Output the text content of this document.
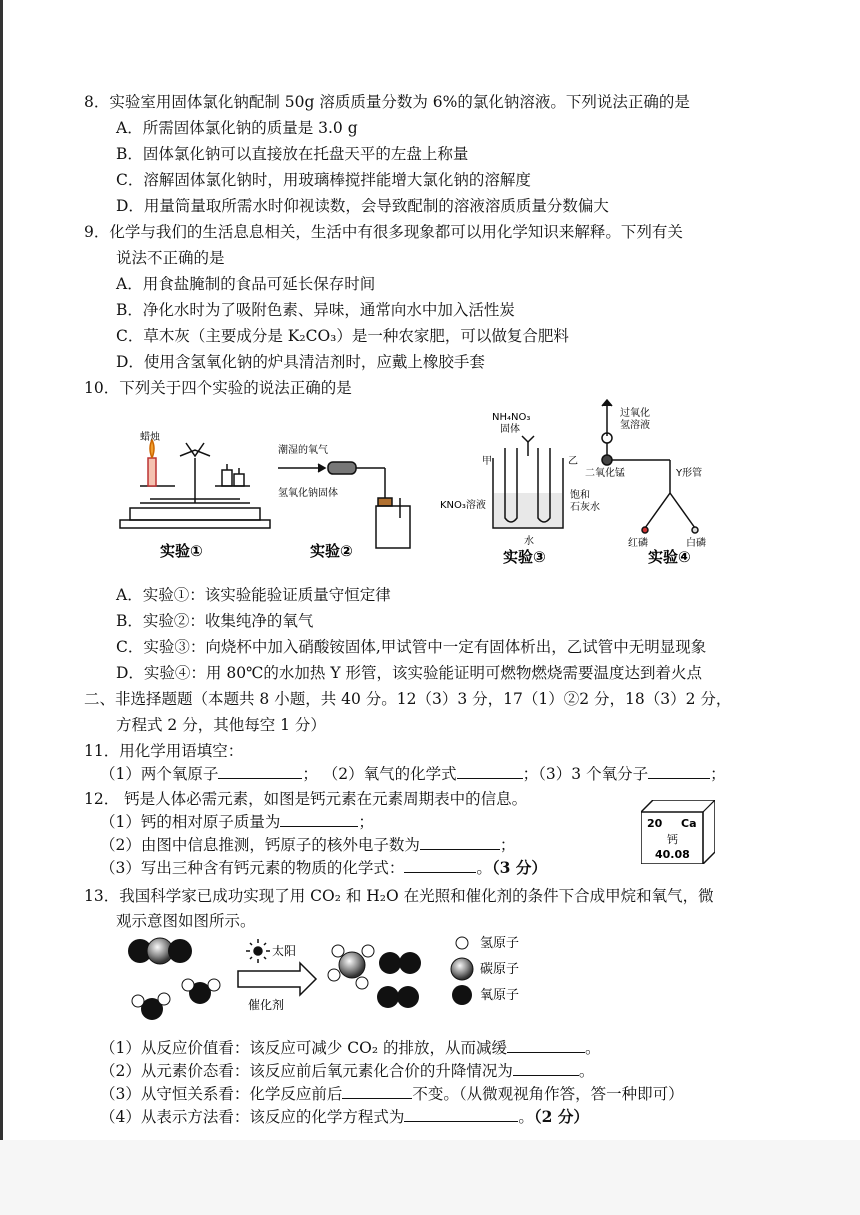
8．实验室用固体氯化钠配制 50g 溶质质量分数为 6%的氯化钠溶液。下列说法正确的是
A．所需固体氯化钠的质量是 3.0 g
B．固体氯化钠可以直接放在托盘天平的左盘上称量
C．溶解固体氯化钠时，用玻璃棒搅拌能增大氯化钠的溶解度
D．用量筒量取所需水时仰视读数，会导致配制的溶液溶质质量分数偏大
9．化学与我们的生活息息相关，生活中有很多现象都可以用化学知识来解释。下列有关
说法不正确的是
A．用食盐腌制的食品可延长保存时间
B．净化水时为了吸附色素、异味，通常向水中加入活性炭
C．草木灰（主要成分是 K₂CO₃）是一种农家肥，可以做复合肥料
D．使用含氢氧化钠的炉具清洁剂时，应戴上橡胶手套
10．下列关于四个实验的说法正确的是
蜡烛
实验①
潮湿的氧气
氢氧化钠固体
实验②
NH₄NO₃
固体
甲	乙
KNO₃溶液
饱和
石灰水
水
实验③
过氧化
氢溶液
二氧化锰	Y形管
红磷	白磷
实验④
A．实验①：该实验能验证质量守恒定律
B．实验②：收集纯净的氧气
C．实验③：向烧杯中加入硝酸铵固体,甲试管中一定有固体析出，乙试管中无明显现象
D．实验④：用 80℃的水加热 Y 形管，该实验能证明可燃物燃烧需要温度达到着火点
二、非选择题题（本题共 8 小题，共 40 分。12（3）3 分，17（1）②2 分，18（3）2 分，
方程式 2 分，其他每空 1 分）
11．用化学用语填空：
（1）两个氧原子	； （2）氧气的化学式	；（3）3 个氧分子	；
12． 钙是人体必需元素，如图是钙元素在元素周期表中的信息。
（1）钙的相对原子质量为	；
（2）由图中信息推测，钙原子的核外电子数为	；
（3）写出三种含有钙元素的物质的化学式：	。（3 分）
20 Ca
钙
40.08
13．我国科学家已成功实现了用 CO₂ 和 H₂O 在光照和催化剂的条件下合成甲烷和氧气，微
观示意图如图所示。
太阳
催化剂
氢原子
碳原子
氧原子
（1）从反应价值看：该反应可减少 CO₂ 的排放，从而减缓	。
（2）从元素价态看：该反应前后氧元素化合价的升降情况为	。
（3）从守恒关系看：化学反应前后	不变。（从微观视角作答，答一种即可）
（4）从表示方法看：该反应的化学方程式为	。（2 分）
